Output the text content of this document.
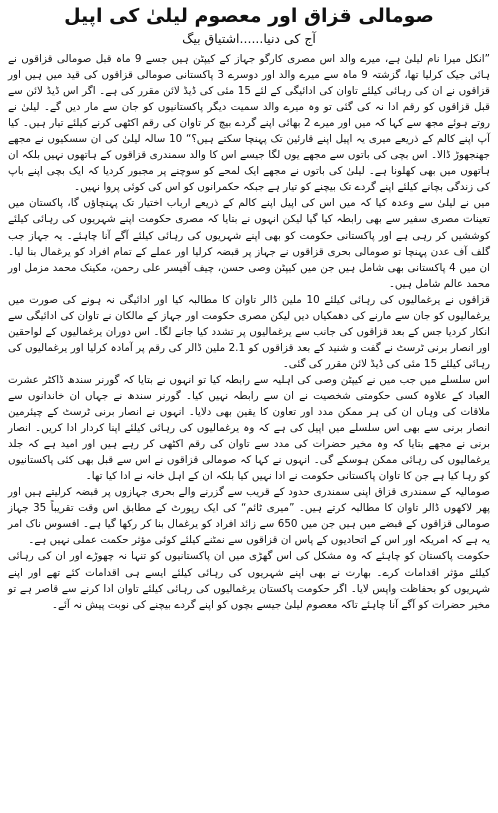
صومالی قزاق اور معصوم لیلیٰ کی اپیل
آج کی دنیا......اشتیاق بیگ

”انکل میرا نام لیلیٰ ہے، میرے والد اس مصری کارگو جہاز کے کیپٹن ہیں جسے 9 ماہ قبل صومالی قزاقوں نے ہائی جیک کرلیا تھا، گزشتہ 9 ماہ سے میرے والد اور دوسرے 3 پاکستانی صومالی قزاقوں کی قید میں ہیں اور قزاقوں نے ان کی رہائی کیلئے تاوان کی ادائیگی کے لئے 15 مئی کی ڈیڈ لائن مقرر کی ہے۔ اگر اس ڈیڈ لائن سے قبل قزاقوں کو رقم ادا نہ کی گئی تو وہ میرے والد سمیت دیگر پاکستانیوں کو جان سے مار دیں گے۔ لیلیٰ نے روتے ہوئے مجھ سے کہا کہ میں اور میرے 2 بھائی اپنے گردے بیچ کر تاوان کی رقم اکٹھی کرنے کیلئے تیار ہیں۔ کیا آپ اپنے کالم کے ذریعے میری یہ اپیل اپنے قارئین تک پہنچا سکتے ہیں؟“ 10 سالہ لیلیٰ کی ان سسکیوں نے مجھے جھنجھوڑ ڈالا۔ اس بچی کی باتوں سے مجھے یوں لگا جیسے اس کا والد سمندری قزاقوں کے ہاتھوں نہیں بلکہ ان ہاتھوں میں بھی کھلونا ہے۔ لیلیٰ کی باتوں نے مجھے ایک لمحے کو سوچنے پر مجبور کردیا کہ ایک بچی اپنے باپ کی زندگی بچانے کیلئے اپنے گردے تک بیچنے کو تیار ہے جبکہ حکمرانوں کو اس کی کوئی پروا نہیں۔

میں نے لیلیٰ سے وعدہ کیا کہ میں اس کی اپیل اپنے کالم کے ذریعے ارباب اختیار تک پہنچاؤں گا، پاکستان میں تعینات مصری سفیر سے بھی رابطہ کیا گیا لیکن انہوں نے بتایا کہ مصری حکومت اپنے شہریوں کی رہائی کیلئے کوششیں کر رہی ہے اور پاکستانی حکومت کو بھی اپنے شہریوں کی رہائی کیلئے آگے آنا چاہئے۔ یہ جہاز جب گلف آف عدن پہنچا تو صومالی بحری قزاقوں نے جہاز پر قبضہ کرلیا اور عملے کے تمام افراد کو یرغمال بنا لیا۔ ان میں 4 پاکستانی بھی شامل ہیں جن میں کیپٹن وصی حسن، چیف آفیسر علی رحمن، مکینک محمد مزمل اور محمد عالم شامل ہیں۔

قزاقوں نے یرغمالیوں کی رہائی کیلئے 10 ملین ڈالر تاوان کا مطالبہ کیا اور ادائیگی نہ ہونے کی صورت میں یرغمالیوں کو جان سے مارنے کی دھمکیاں دیں لیکن مصری حکومت اور جہاز کے مالکان نے تاوان کی ادائیگی سے انکار کردیا جس کے بعد قزاقوں کی جانب سے یرغمالیوں پر تشدد کیا جانے لگا۔ اس دوران یرغمالیوں کے لواحقین اور انصار برنی ٹرسٹ نے گفت و شنید کے بعد قزاقوں کو 2.1 ملین ڈالر کی رقم پر آمادہ کرلیا اور یرغمالیوں کی رہائی کیلئے 15 مئی کی ڈیڈ لائن مقرر کی گئی۔

اس سلسلے میں جب میں نے کیپٹن وصی کی اہلیہ سے رابطہ کیا تو انہوں نے بتایا کہ گورنر سندھ ڈاکٹر عشرت العباد کے علاوہ کسی حکومتی شخصیت نے ان سے رابطہ نہیں کیا۔ گورنر سندھ نے جہاں ان خاندانوں سے ملاقات کی وہاں ان کی ہر ممکن مدد اور تعاون کا یقین بھی دلایا۔ انہوں نے انصار برنی ٹرسٹ کے چیئرمین انصار برنی سے بھی اس سلسلے میں اپیل کی ہے کہ وہ یرغمالیوں کی رہائی کیلئے اپنا کردار ادا کریں۔ انصار برنی نے مجھے بتایا کہ وہ مخیر حضرات کی مدد سے تاوان کی رقم اکٹھی کر رہے ہیں اور امید ہے کہ جلد یرغمالیوں کی رہائی ممکن ہوسکے گی۔ انہوں نے کہا کہ صومالی قزاقوں نے اس سے قبل بھی کئی پاکستانیوں کو رہا کیا ہے جن کا تاوان پاکستانی حکومت نے ادا نہیں کیا بلکہ ان کے اہل خانہ نے ادا کیا تھا۔

صومالیہ کے سمندری قزاق اپنی سمندری حدود کے قریب سے گزرنے والے بحری جہازوں پر قبضہ کرلیتے ہیں اور پھر لاکھوں ڈالر تاوان کا مطالبہ کرتے ہیں۔ ”میری ٹائم“ کی ایک رپورٹ کے مطابق اس وقت تقریباً 35 جہاز صومالی قزاقوں کے قبضے میں ہیں جن میں 650 سے زائد افراد کو یرغمال بنا کر رکھا گیا ہے۔ افسوس ناک امر یہ ہے کہ امریکہ اور اس کے اتحادیوں کے پاس ان قزاقوں سے نمٹنے کیلئے کوئی مؤثر حکمت عملی نہیں ہے۔

حکومت پاکستان کو چاہئے کہ وہ مشکل کی اس گھڑی میں ان پاکستانیوں کو تنہا نہ چھوڑے اور ان کی رہائی کیلئے مؤثر اقدامات کرے۔ بھارت نے بھی اپنے شہریوں کی رہائی کیلئے ایسے ہی اقدامات کئے تھے اور اپنے شہریوں کو بحفاظت واپس لایا۔ اگر حکومت پاکستان یرغمالیوں کی رہائی کیلئے تاوان ادا کرنے سے قاصر ہے تو مخیر حضرات کو آگے آنا چاہئے تاکہ معصوم لیلیٰ جیسے بچوں کو اپنے گردے بیچنے کی نوبت پیش نہ آئے۔
